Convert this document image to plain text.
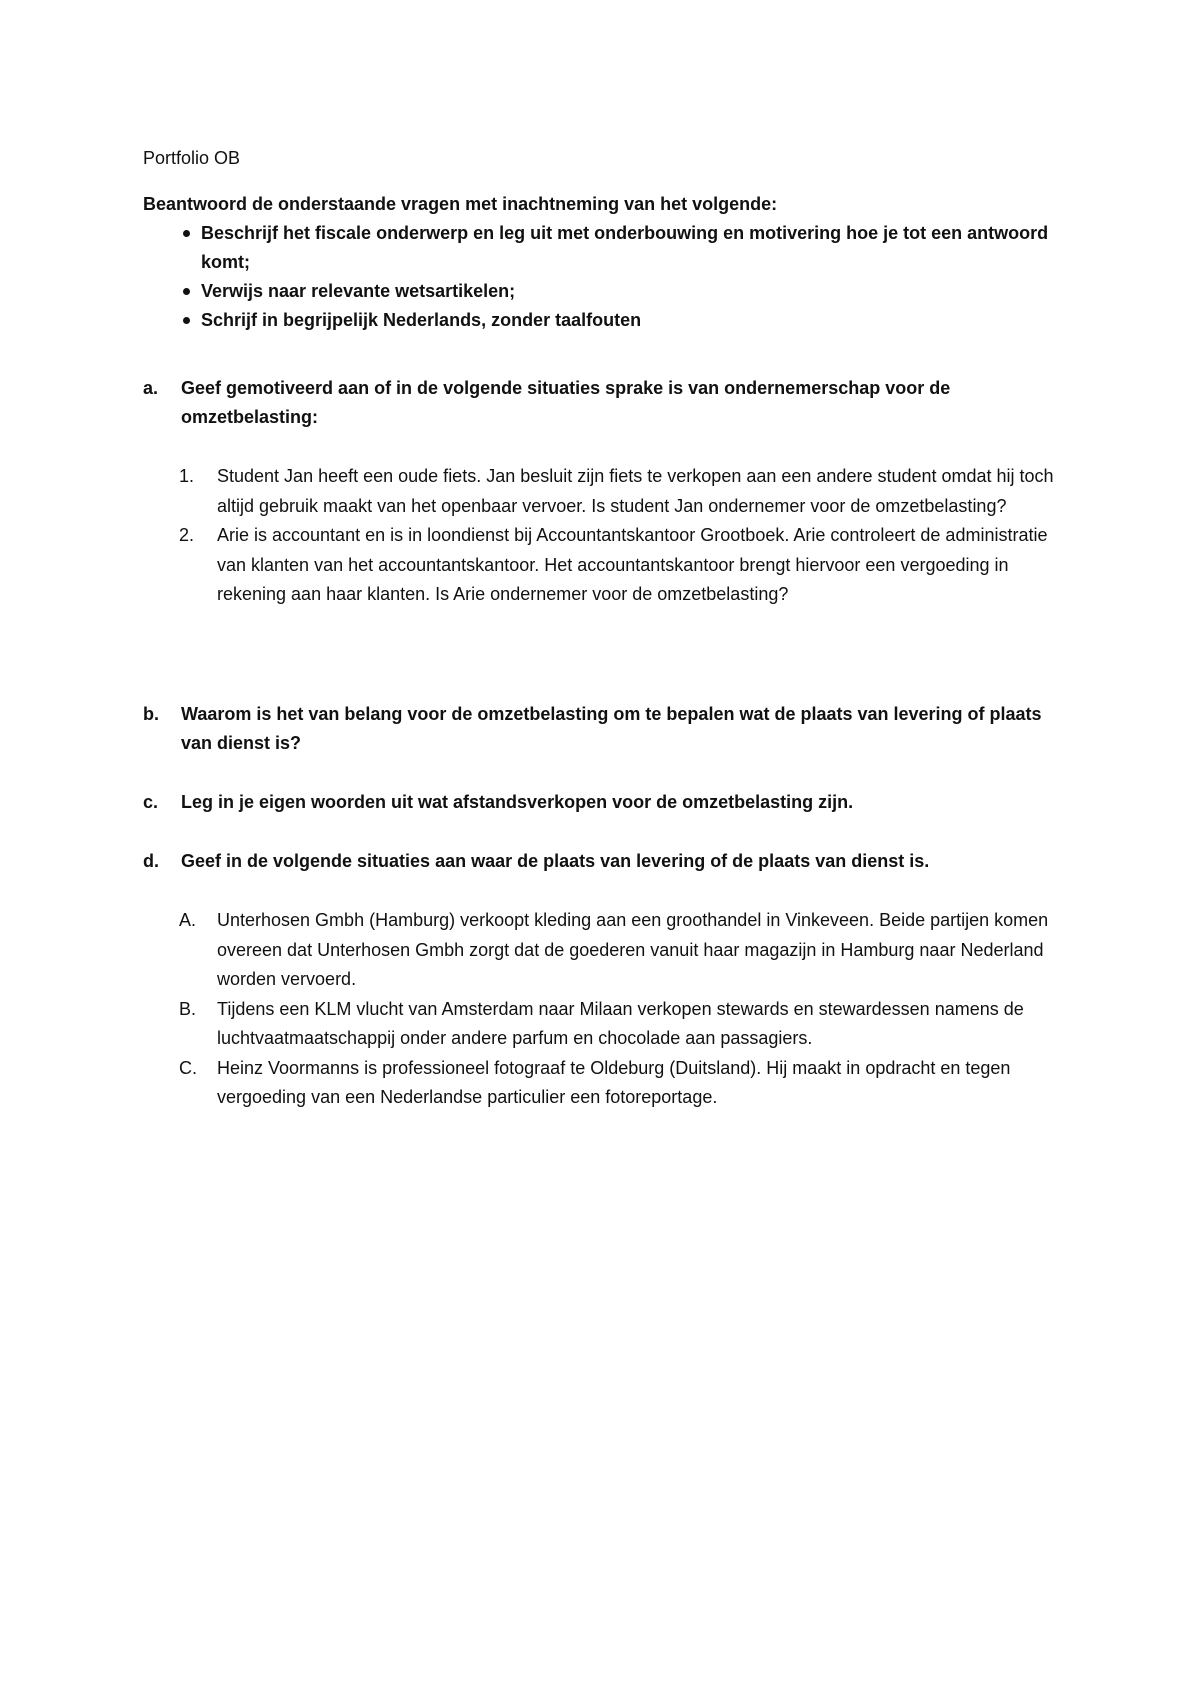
Portfolio OB
Beantwoord de onderstaande vragen met inachtneming van het volgende:
Beschrijf het fiscale onderwerp en leg uit met onderbouwing en motivering hoe je tot een antwoord komt;
Verwijs naar relevante wetsartikelen;
Schrijf in begrijpelijk Nederlands, zonder taalfouten
a.	Geef gemotiveerd aan of in de volgende situaties sprake is van ondernemerschap voor de omzetbelasting:
1. Student Jan heeft een oude fiets. Jan besluit zijn fiets te verkopen aan een andere student omdat hij toch altijd gebruik maakt van het openbaar vervoer. Is student Jan ondernemer voor de omzetbelasting?
2. Arie is accountant en is in loondienst bij Accountantskantoor Grootboek. Arie controleert de administratie van klanten van het accountantskantoor. Het accountantskantoor brengt hiervoor een vergoeding in rekening aan haar klanten. Is Arie ondernemer voor de omzetbelasting?
b.	Waarom is het van belang voor de omzetbelasting om te bepalen wat de plaats van levering of plaats van dienst is?
c.	Leg in je eigen woorden uit wat afstandsverkopen voor de omzetbelasting zijn.
d.	Geef in de volgende situaties aan waar de plaats van levering of de plaats van dienst is.
A. Unterhosen Gmbh (Hamburg) verkoopt kleding aan een groothandel in Vinkeveen. Beide partijen komen overeen dat Unterhosen Gmbh zorgt dat de goederen vanuit haar magazijn in Hamburg naar Nederland worden vervoerd.
B. Tijdens een KLM vlucht van Amsterdam naar Milaan verkopen stewards en stewardessen namens de luchtvaatmaatschappij onder andere parfum en chocolade aan passagiers.
C. Heinz Voormanns is professioneel fotograaf te Oldeburg (Duitsland). Hij maakt in opdracht en tegen vergoeding van een Nederlandse particulier een fotoreportage.
